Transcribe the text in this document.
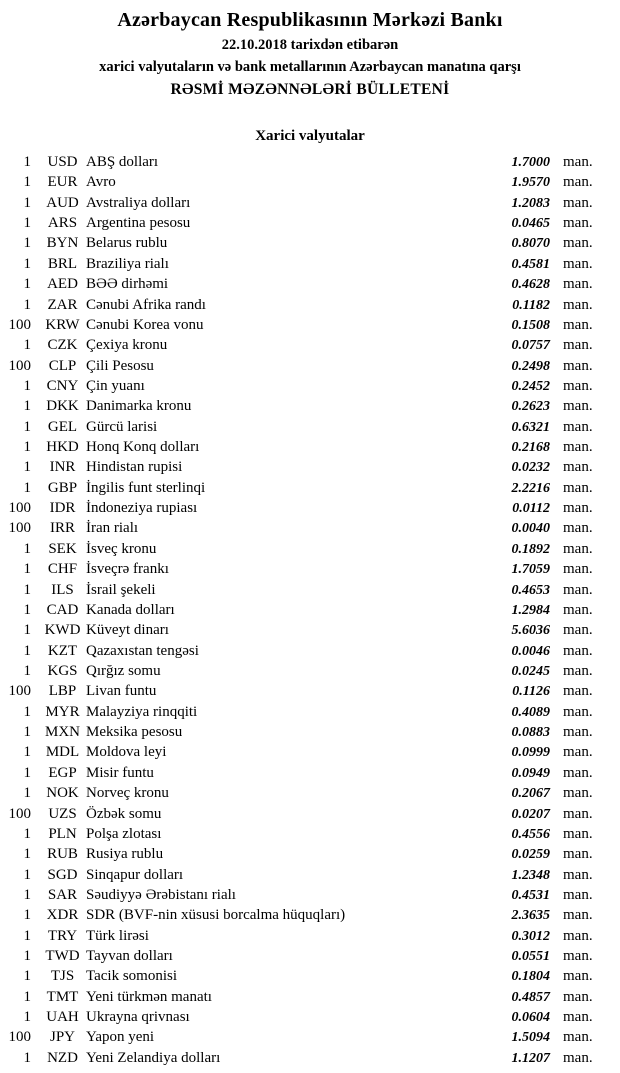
Azərbaycan Respublikasının Mərkəzi Bankı
22.10.2018 tarixdən etibarən
xarici valyutaların və bank metallarının Azərbaycan manatına qarşı
RƏSMİ MƏZƏNNƏLƏRİ BÜLLETENİ
Xarici valyutalar
1	USD ABŞ dolları	1.7000 man.
1	EUR Avro	1.9570 man.
1	AUD Avstraliya dolları	1.2083 man.
1	ARS Argentina pesosu	0.0465 man.
1	BYN Belarus rublu	0.8070 man.
1	BRL Braziliya rialı	0.4581 man.
1	AED BƏƏ dirhəmi	0.4628 man.
1	ZAR Cənubi Afrika randı	0.1182 man.
100 KRW Cənubi Korea vonu	0.1508 man.
1	CZK Çexiya kronu	0.0757 man.
100	CLP Çili Pesosu	0.2498 man.
1	CNY Çin yuanı	0.2452 man.
1	DKK Danimarka kronu	0.2623 man.
1	GEL Gürcü larisi	0.6321 man.
1	HKD Honq Konq dolları	0.2168 man.
1	INR Hindistan rupisi	0.0232 man.
1	GBP İngilis funt sterlinqi	2.2216 man.
100	IDR İndoneziya rupiası	0.0112 man.
100	IRR İran rialı	0.0040 man.
1	SEK İsveç kronu	0.1892 man.
1	CHF İsveçrə frankı	1.7059 man.
1	ILS İsrail şekeli	0.4653 man.
1	CAD Kanada dolları	1.2984 man.
1 KWD Küveyt dinarı	5.6036 man.
1	KZT Qazaxıstan tengəsi	0.0046 man.
1	KGS Qırğız somu	0.0245 man.
100	LBP Livan funtu	0.1126 man.
1 MYR Malayziya rinqqiti	0.4089 man.
1 MXN Meksika pesosu	0.0883 man.
1 MDL Moldova leyi	0.0999 man.
1	EGP Misir funtu	0.0949 man.
1	NOK Norveç kronu	0.2067 man.
100	UZS Özbək somu	0.0207 man.
1	PLN Polşa zlotası	0.4556 man.
1	RUB Rusiya rublu	0.0259 man.
1	SGD Sinqapur dolları	1.2348 man.
1	SAR Səudiyyə Ərəbistanı rialı	0.4531 man.
1	XDR SDR (BVF-nin xüsusi borcalma hüquqları)	2.3635 man.
1	TRY Türk lirəsi	0.3012 man.
1 TWD Tayvan dolları	0.0551 man.
1	TJS Tacik somonisi	0.1804 man.
1	TMT Yeni türkmən manatı	0.4857 man.
1	UAH Ukrayna qrivnası	0.0604 man.
100	JPY Yapon yeni	1.5094 man.
1	NZD Yeni Zelandiya dolları	1.1207 man.
